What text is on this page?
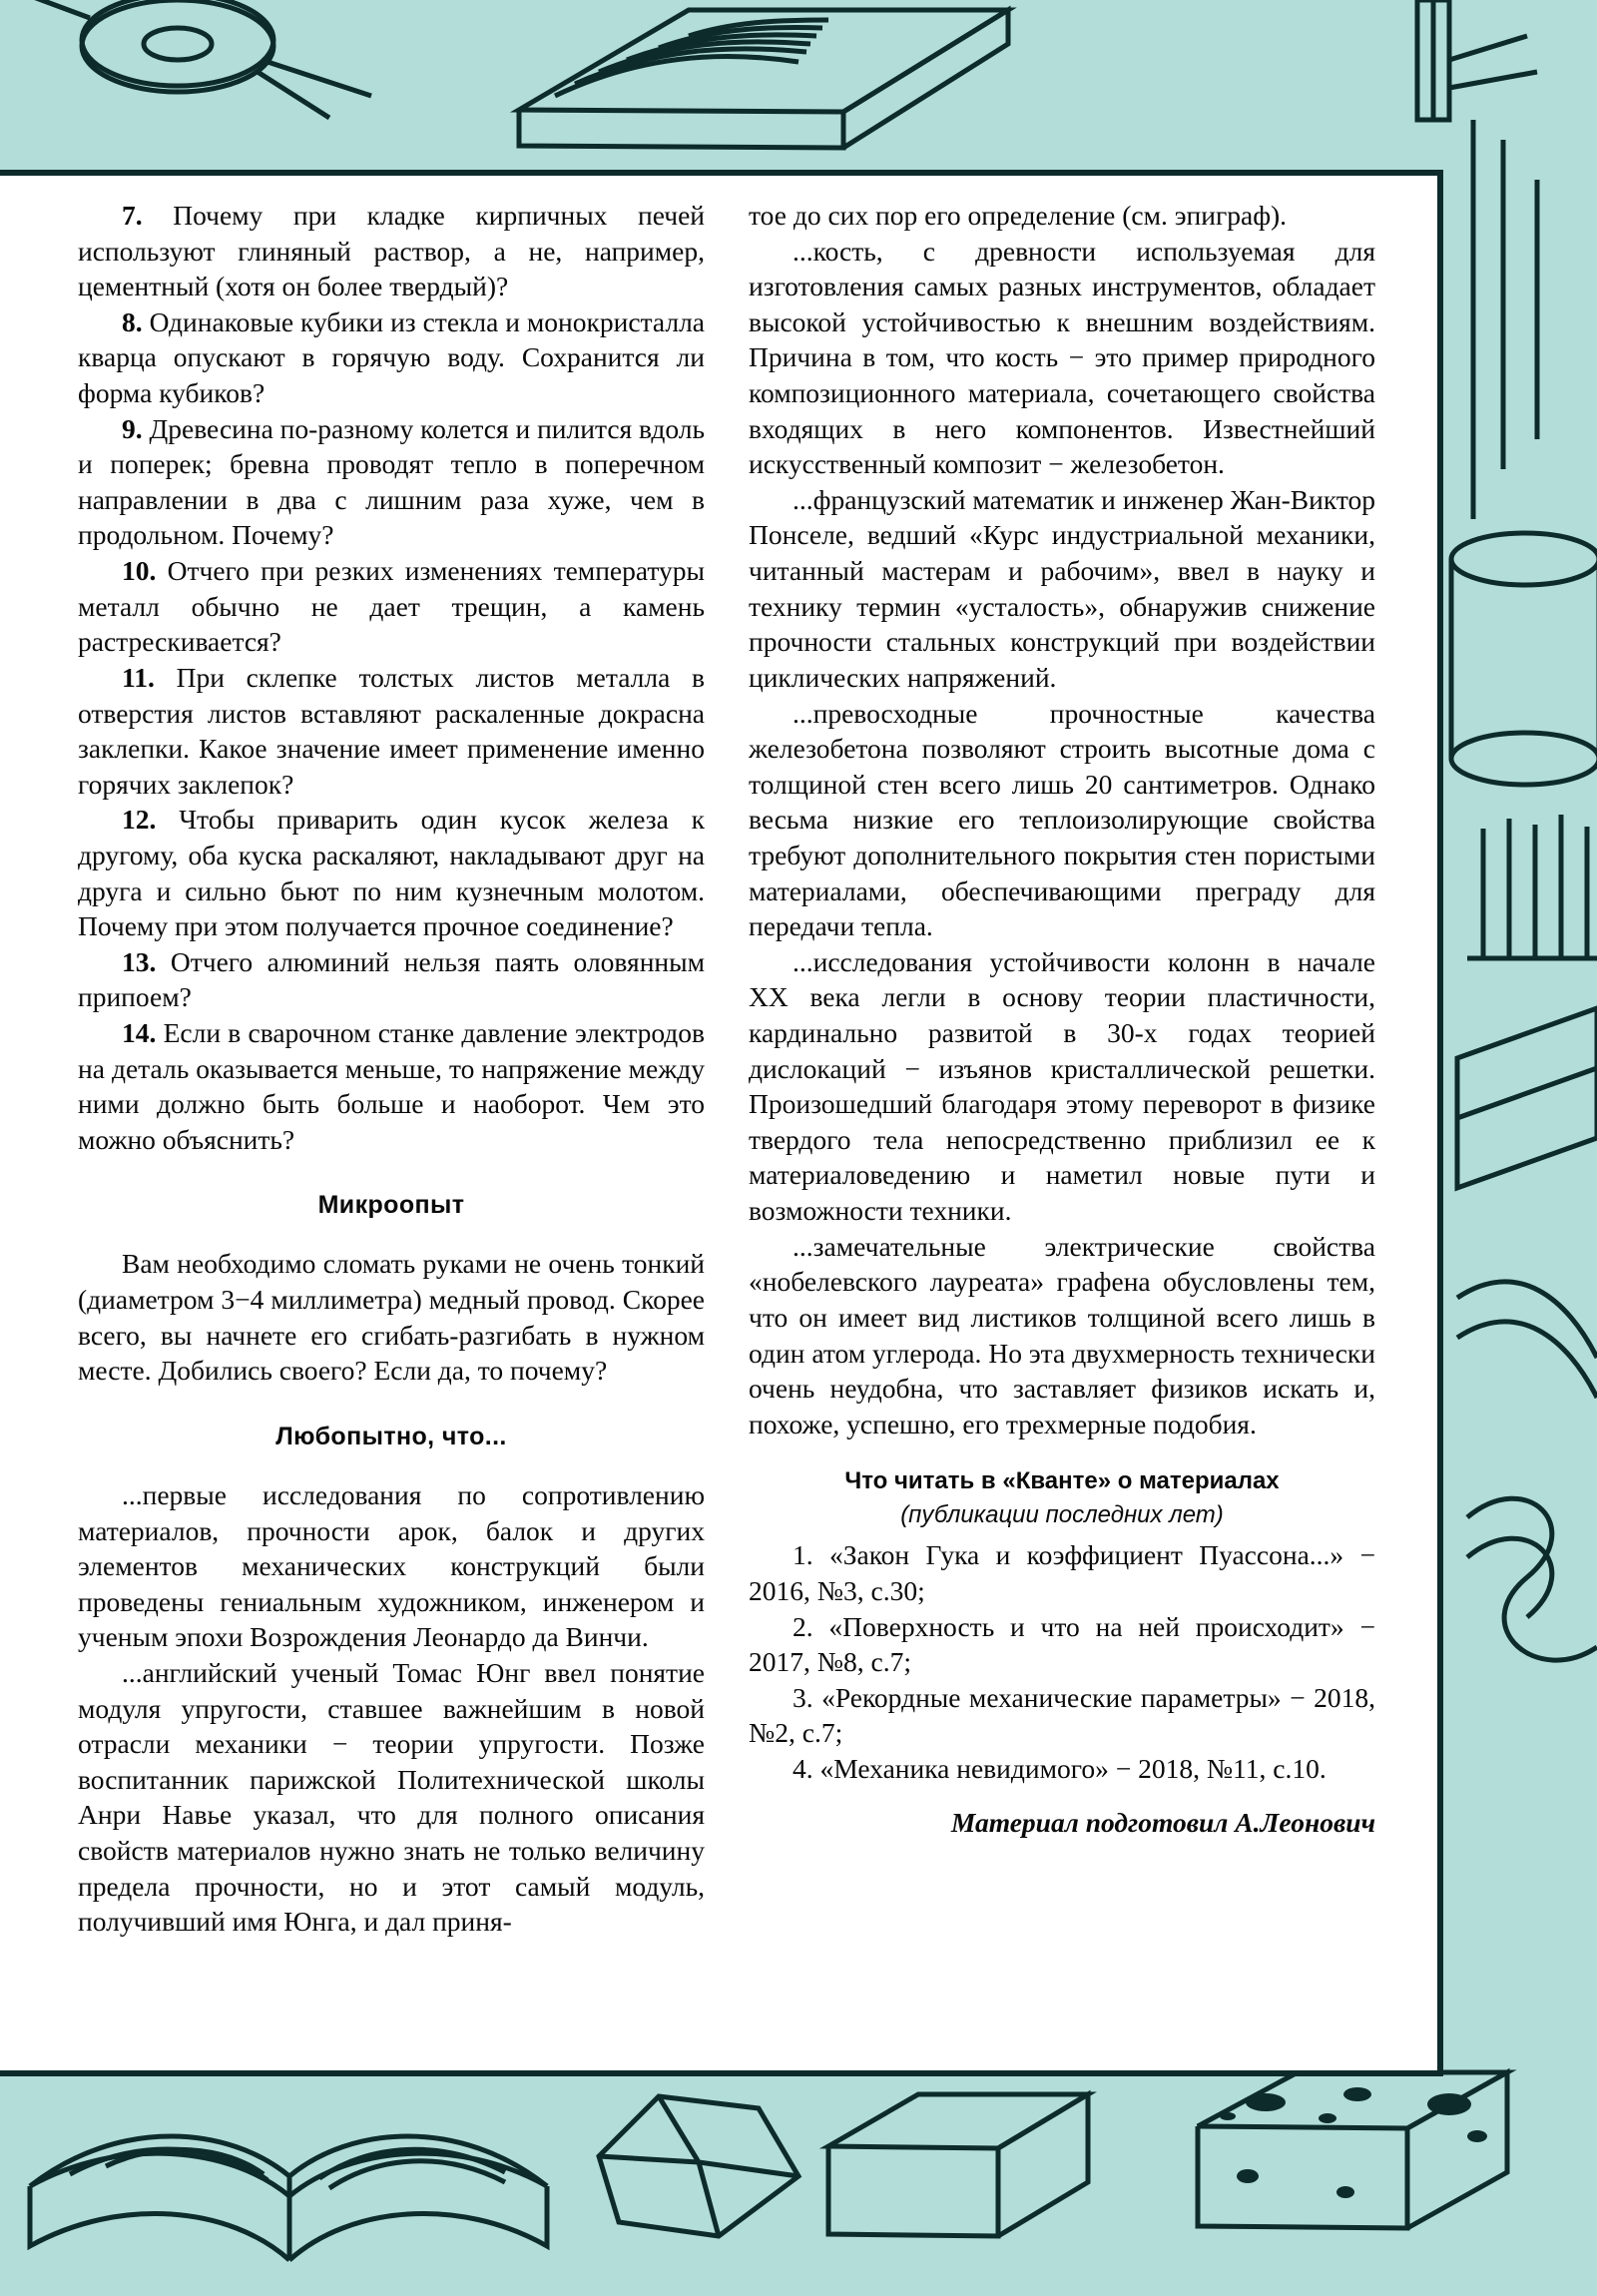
7. Почему при кладке кирпичных печей используют глиняный раствор, а не, например, цементный (хотя он более твердый)?

8. Одинаковые кубики из стекла и монокристалла кварца опускают в горячую воду. Сохранится ли форма кубиков?

9. Древесина по-разному колется и пилится вдоль и поперек; бревна проводят тепло в поперечном направлении в два с лишним раза хуже, чем в продольном. Почему?

10. Отчего при резких изменениях температуры металл обычно не дает трещин, а камень растрескивается?

11. При склепке толстых листов металла в отверстия листов вставляют раскаленные докрасна заклепки. Какое значение имеет применение именно горячих заклепок?

12. Чтобы приварить один кусок железа к другому, оба куска раскаляют, накладывают друг на друга и сильно бьют по ним кузнечным молотом. Почему при этом получается прочное соединение?

13. Отчего алюминий нельзя паять оловянным припоем?

14. Если в сварочном станке давление электродов на деталь оказывается меньше, то напряжение между ними должно быть больше и наоборот. Чем это можно объяснить?

Микроопыт

Вам необходимо сломать руками не очень тонкий (диаметром 3−4 миллиметра) медный провод. Скорее всего, вы начнете его сгибать-разгибать в нужном месте. Добились своего? Если да, то почему?

Любопытно, что...

...первые исследования по сопротивлению материалов, прочности арок, балок и других элементов механических конструкций были проведены гениальным художником, инженером и ученым эпохи Возрождения Леонардо да Винчи.

...английский ученый Томас Юнг ввел понятие модуля упругости, ставшее важнейшим в новой отрасли механики − теории упругости. Позже воспитанник парижской Политехнической школы Анри Навье указал, что для полного описания свойств материалов нужно знать не только величину предела прочности, но и этот самый модуль, получивший имя Юнга, и дал приня-

тое до сих пор его определение (см. эпиграф).

...кость, с древности используемая для изготовления самых разных инструментов, обладает высокой устойчивостью к внешним воздействиям. Причина в том, что кость − это пример природного композиционного материала, сочетающего свойства входящих в него компонентов. Известнейший искусственный композит − железобетон.

...французский математик и инженер Жан-Виктор Понселе, ведший «Курс индустриальной механики, читанный мастерам и рабочим», ввел в науку и технику термин «усталость», обнаружив снижение прочности стальных конструкций при воздействии циклических напряжений.

...превосходные прочностные качества железобетона позволяют строить высотные дома с толщиной стен всего лишь 20 сантиметров. Однако весьма низкие его теплоизолирующие свойства требуют дополнительного покрытия стен пористыми материалами, обеспечивающими преграду для передачи тепла.

...исследования устойчивости колонн в начале XX века легли в основу теории пластичности, кардинально развитой в 30-х годах теорией дислокаций − изъянов кристаллической решетки. Произошедший благодаря этому переворот в физике твердого тела непосредственно приблизил ее к материаловедению и наметил новые пути и возможности техники.

...замечательные электрические свойства «нобелевского лауреата» графена обусловлены тем, что он имеет вид листиков толщиной всего лишь в один атом углерода. Но эта двухмерность технически очень неудобна, что заставляет физиков искать и, похоже, успешно, его трехмерные подобия.

Что читать в «Кванте» о материалах
(публикации последних лет)

1. «Закон Гука и коэффициент Пуассона...» − 2016, №3, с.30;

2. «Поверхность и что на ней происходит» − 2017, №8, с.7;

3. «Рекордные механические параметры» − 2018, №2, с.7;

4. «Механика невидимого» − 2018, №11, с.10.

Материал подготовил А.Леонович
